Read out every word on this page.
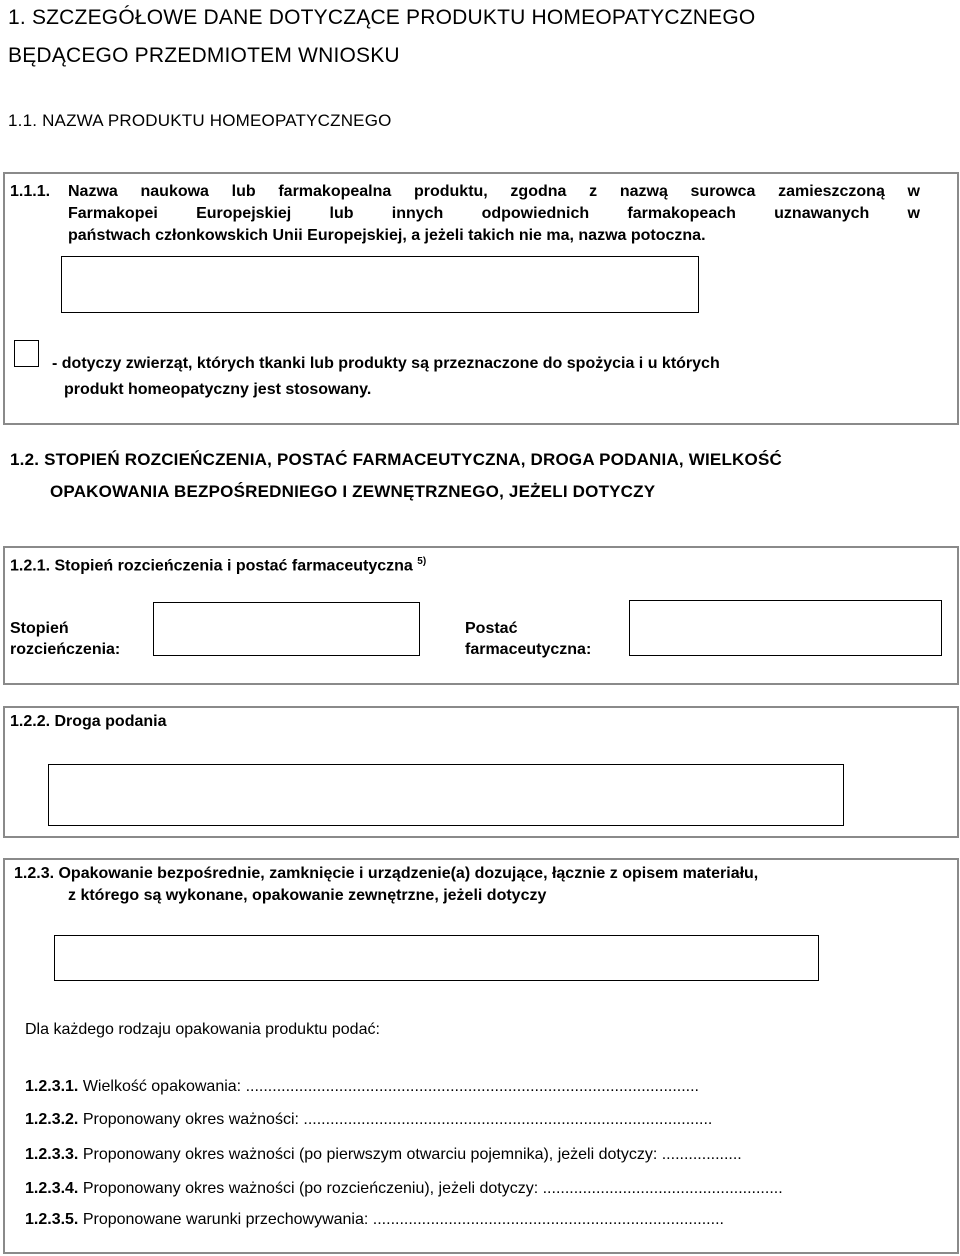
1. SZCZEGÓŁOWE DANE DOTYCZĄCE PRODUKTU HOMEOPATYCZNEGO
BĘDĄCEGO PRZEDMIOTEM WNIOSKU
1.1. NAZWA PRODUKTU HOMEOPATYCZNEGO
1.1.1. Nazwa naukowa lub farmakopealna produktu, zgodna z nazwą surowca zamieszczoną w
Farmakopei Europejskiej lub innych odpowiednich farmakopeach uznawanych w
państwach członkowskich Unii Europejskiej, a jeżeli takich nie ma, nazwa potoczna.
- dotyczy zwierząt, których tkanki lub produkty są przeznaczone do spożycia i u których
produkt homeopatyczny jest stosowany.
1.2. STOPIEŃ ROZCIEŃCZENIA, POSTAĆ FARMACEUTYCZNA, DROGA PODANIA, WIELKOŚĆ
OPAKOWANIA BEZPOŚREDNIEGO I ZEWNĘTRZNEGO, JEŻELI DOTYCZY
1.2.1. Stopień rozcieńczenia i postać farmaceutyczna $^{5)}$
Stopień
rozcieńczenia:
Postać
farmaceutyczna:
1.2.2. Droga podania
1.2.3. Opakowanie bezpośrednie, zamknięcie i urządzenie(a) dozujące, łącznie z opisem materiału,
z którego są wykonane, opakowanie zewnętrzne, jeżeli dotyczy
Dla każdego rodzaju opakowania produktu podać:
1.2.3.1. Wielkość opakowania: ......................................................................................................
1.2.3.2. Proponowany okres ważności: ............................................................................................
1.2.3.3. Proponowany okres ważności (po pierwszym otwarciu pojemnika), jeżeli dotyczy: ..................
1.2.3.4. Proponowany okres ważności (po rozcieńczeniu), jeżeli dotyczy: ......................................................
1.2.3.5. Proponowane warunki przechowywania: ...............................................................................
